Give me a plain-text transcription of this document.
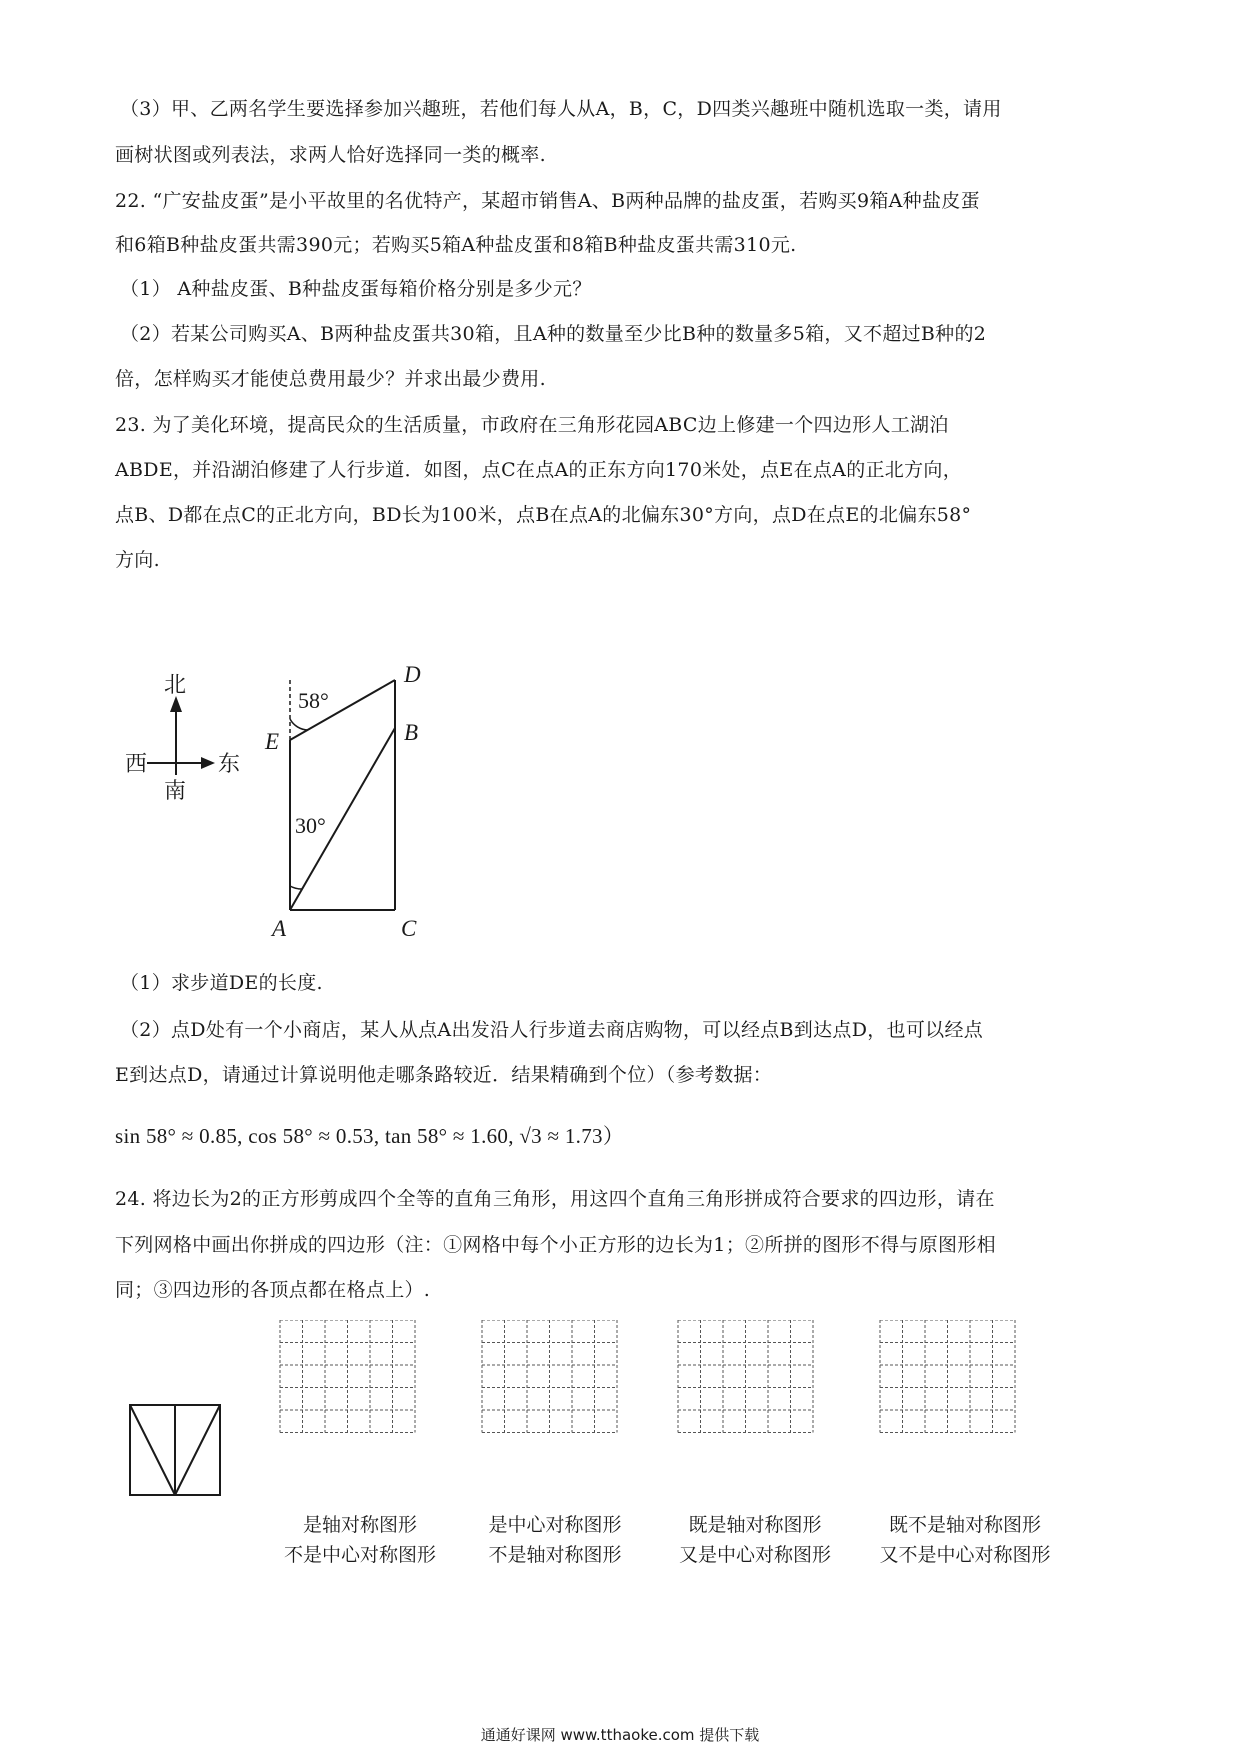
（3）甲、乙两名学生要选择参加兴趣班，若他们每人从A，B，C，D四类兴趣班中随机选取一类，请用
画树状图或列表法，求两人恰好选择同一类的概率.
22. “广安盐皮蛋”是小平故里的名优特产，某超市销售A、B两种品牌的盐皮蛋，若购买9箱A种盐皮蛋
和6箱B种盐皮蛋共需390元；若购买5箱A种盐皮蛋和8箱B种盐皮蛋共需310元.
（1） A种盐皮蛋、B种盐皮蛋每箱价格分别是多少元？
（2）若某公司购买A、B两种盐皮蛋共30箱，且A种的数量至少比B种的数量多5箱，又不超过B种的2
倍，怎样购买才能使总费用最少？并求出最少费用.
23. 为了美化环境，提高民众的生活质量，市政府在三角形花园ABC边上修建一个四边形人工湖泊
ABDE，并沿湖泊修建了人行步道．如图，点C在点A的正东方向170米处，点E在点A的正北方向，
点B、D都在点C的正北方向，BD长为100米，点B在点A的北偏东30°方向，点D在点E的北偏东58°
方向.
北
南
西	东
A	C
E	B
D
58°
30°
（1）求步道DE的长度.
（2）点D处有一个小商店，某人从点A出发沿人行步道去商店购物，可以经点B到达点D，也可以经点
E到达点D，请通过计算说明他走哪条路较近．结果精确到个位）（参考数据：
sin 58° ≈ 0.85, cos 58° ≈ 0.53, tan 58° ≈ 1.60, √3 ≈ 1.73）
24. 将边长为2的正方形剪成四个全等的直角三角形，用这四个直角三角形拼成符合要求的四边形，请在
下列网格中画出你拼成的四边形（注：①网格中每个小正方形的边长为1；②所拼的图形不得与原图形相
同；③四边形的各顶点都在格点上）.
是轴对称图形
不是中心对称图形
是中心对称图形
不是轴对称图形
既是轴对称图形
又是中心对称图形
既不是轴对称图形
又不是中心对称图形
通通好课网 www.tthaoke.com 提供下载
